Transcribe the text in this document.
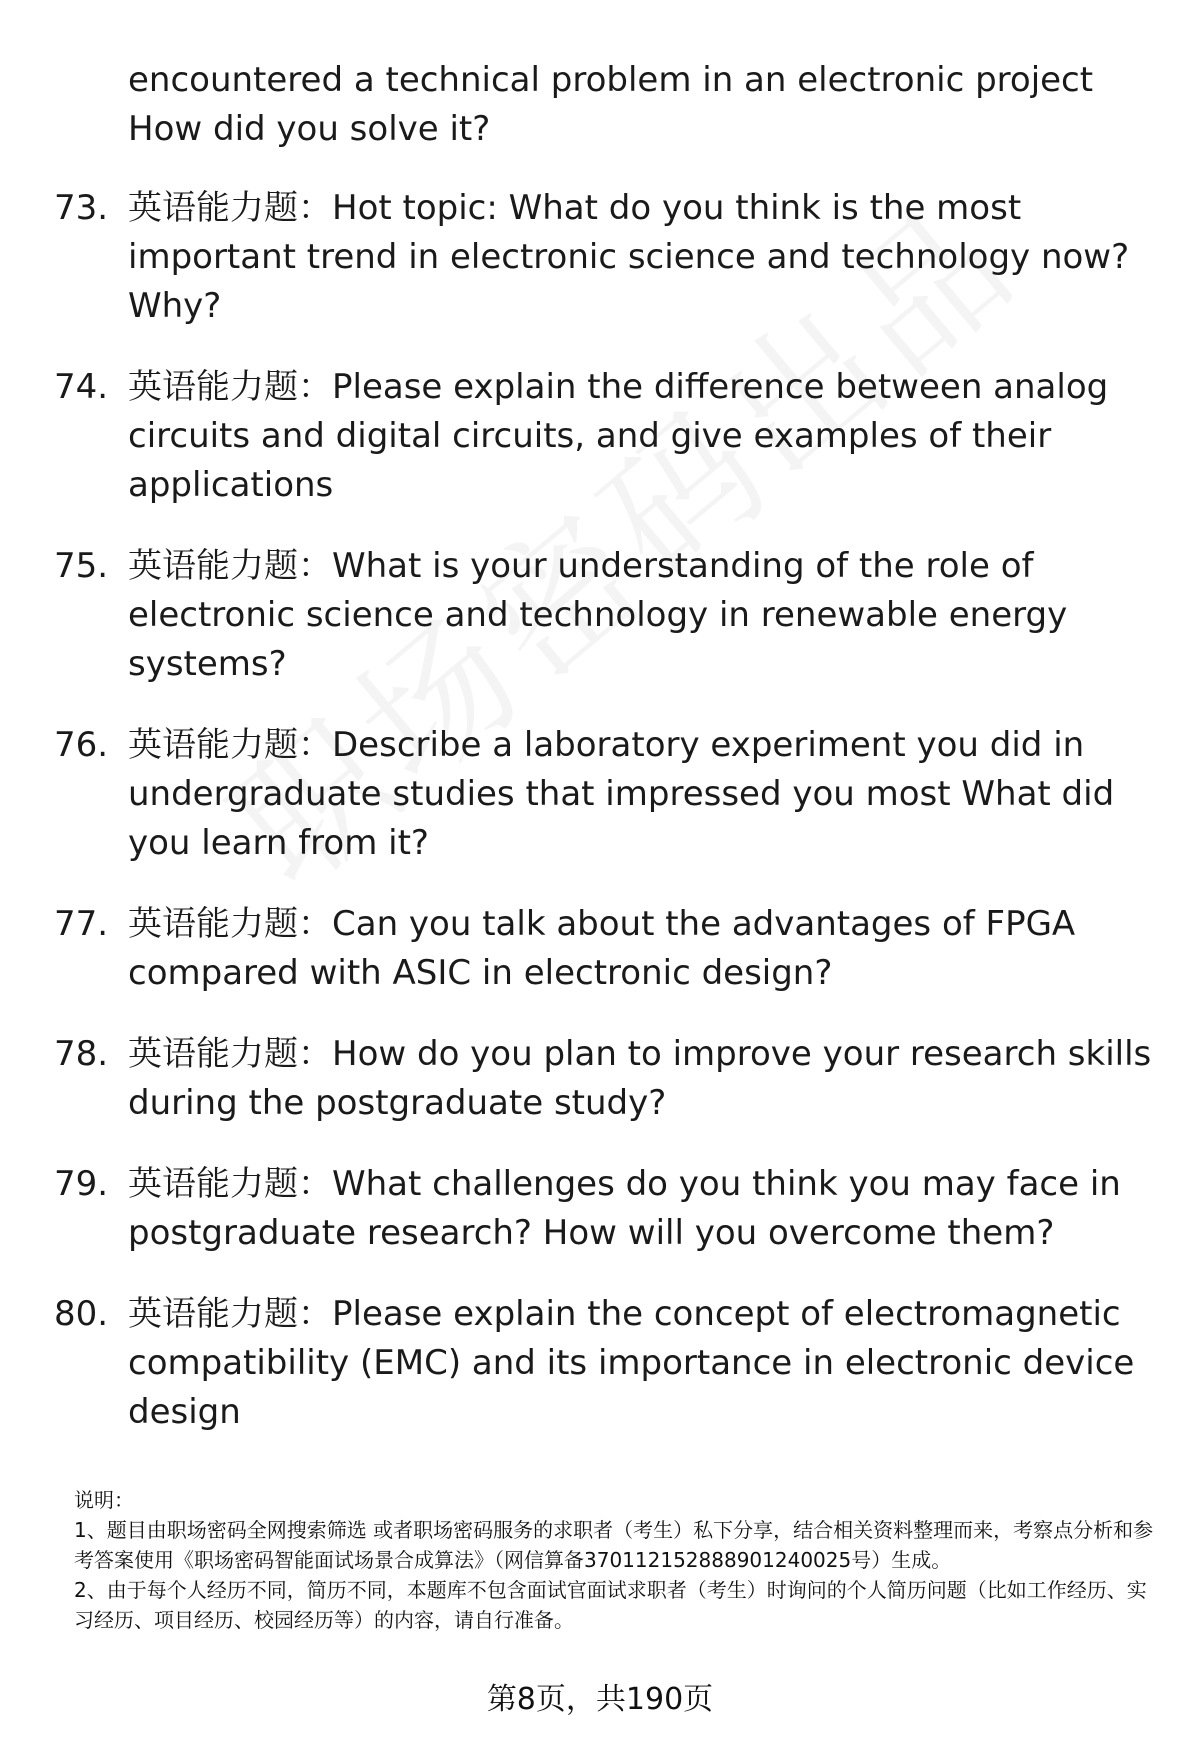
encountered a technical problem in an electronic project How did you solve it?
73. 英语能力题：Hot topic: What do you think is the most important trend in electronic science and technology now? Why?
74. 英语能力题：Please explain the difference between analog circuits and digital circuits, and give examples of their applications
75. 英语能力题：What is your understanding of the role of electronic science and technology in renewable energy systems?
76. 英语能力题：Describe a laboratory experiment you did in undergraduate studies that impressed you most What did you learn from it?
77. 英语能力题：Can you talk about the advantages of FPGA compared with ASIC in electronic design?
78. 英语能力题：How do you plan to improve your research skills during the postgraduate study?
79. 英语能力题：What challenges do you think you may face in postgraduate research? How will you overcome them?
80. 英语能力题：Please explain the concept of electromagnetic compatibility (EMC) and its importance in electronic device design

说明：

1、题目由职场密码全网搜索筛选 或者职场密码服务的求职者（考生）私下分享，结合相关资料整理而来，考察点分析和参考答案使用《职场密码智能面试场景合成算法》（网信算备370112152888901240025号）生成。

2、由于每个人经历不同，简历不同，本题库不包含面试官面试求职者（考生）时询问的个人简历问题（比如工作经历、实习经历、项目经历、校园经历等）的内容，请自行准备。

第8页，共190页
